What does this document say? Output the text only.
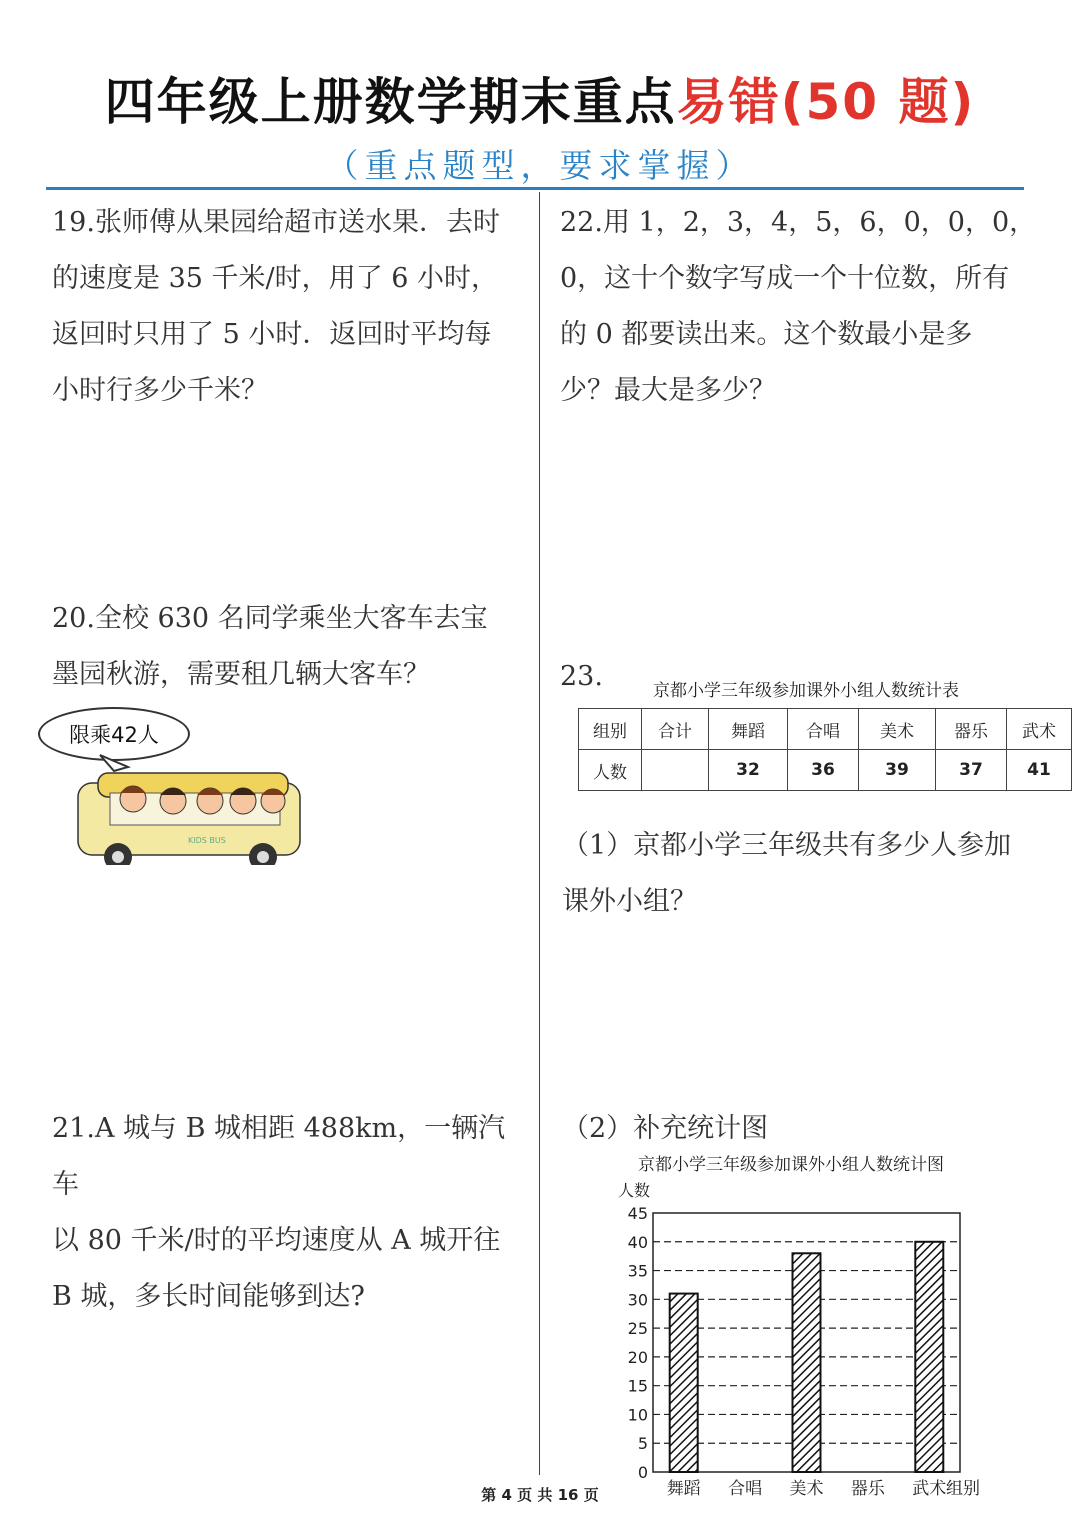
四年级上册数学期末重点易错(50 题)
（重点题型，要求掌握）
19.张师傅从果园给超市送水果．去时
的速度是 35 千米/时，用了 6 小时，
返回时只用了 5 小时．返回时平均每
小时行多少千米？
20.全校 630 名同学乘坐大客车去宝
墨园秋游，需要租几辆大客车？
限乘42人
KIDS BUS
21.A 城与 B 城相距 488km，一辆汽车
以 80 千米/时的平均速度从 A 城开往
B 城，多长时间能够到达?
22.用 1，2，3，4，5，6，0，0，0，
0，这十个数字写成一个十位数，所有
的 0 都要读出来。这个数最小是多
少？最大是多少？
23.	京都小学三年级参加课外小组人数统计表
组别	合计	舞蹈	合唱	美术	器乐	武术
人数		32	36	39	37	41
（1）京都小学三年级共有多少人参加
课外小组？
（2）补充统计图
京都小学三年级参加课外小组人数统计图
人数
0
5
10
15
20
25
30
35
40
45
舞蹈 合唱 美术 器乐 武术 组别
第 4 页 共 16 页
